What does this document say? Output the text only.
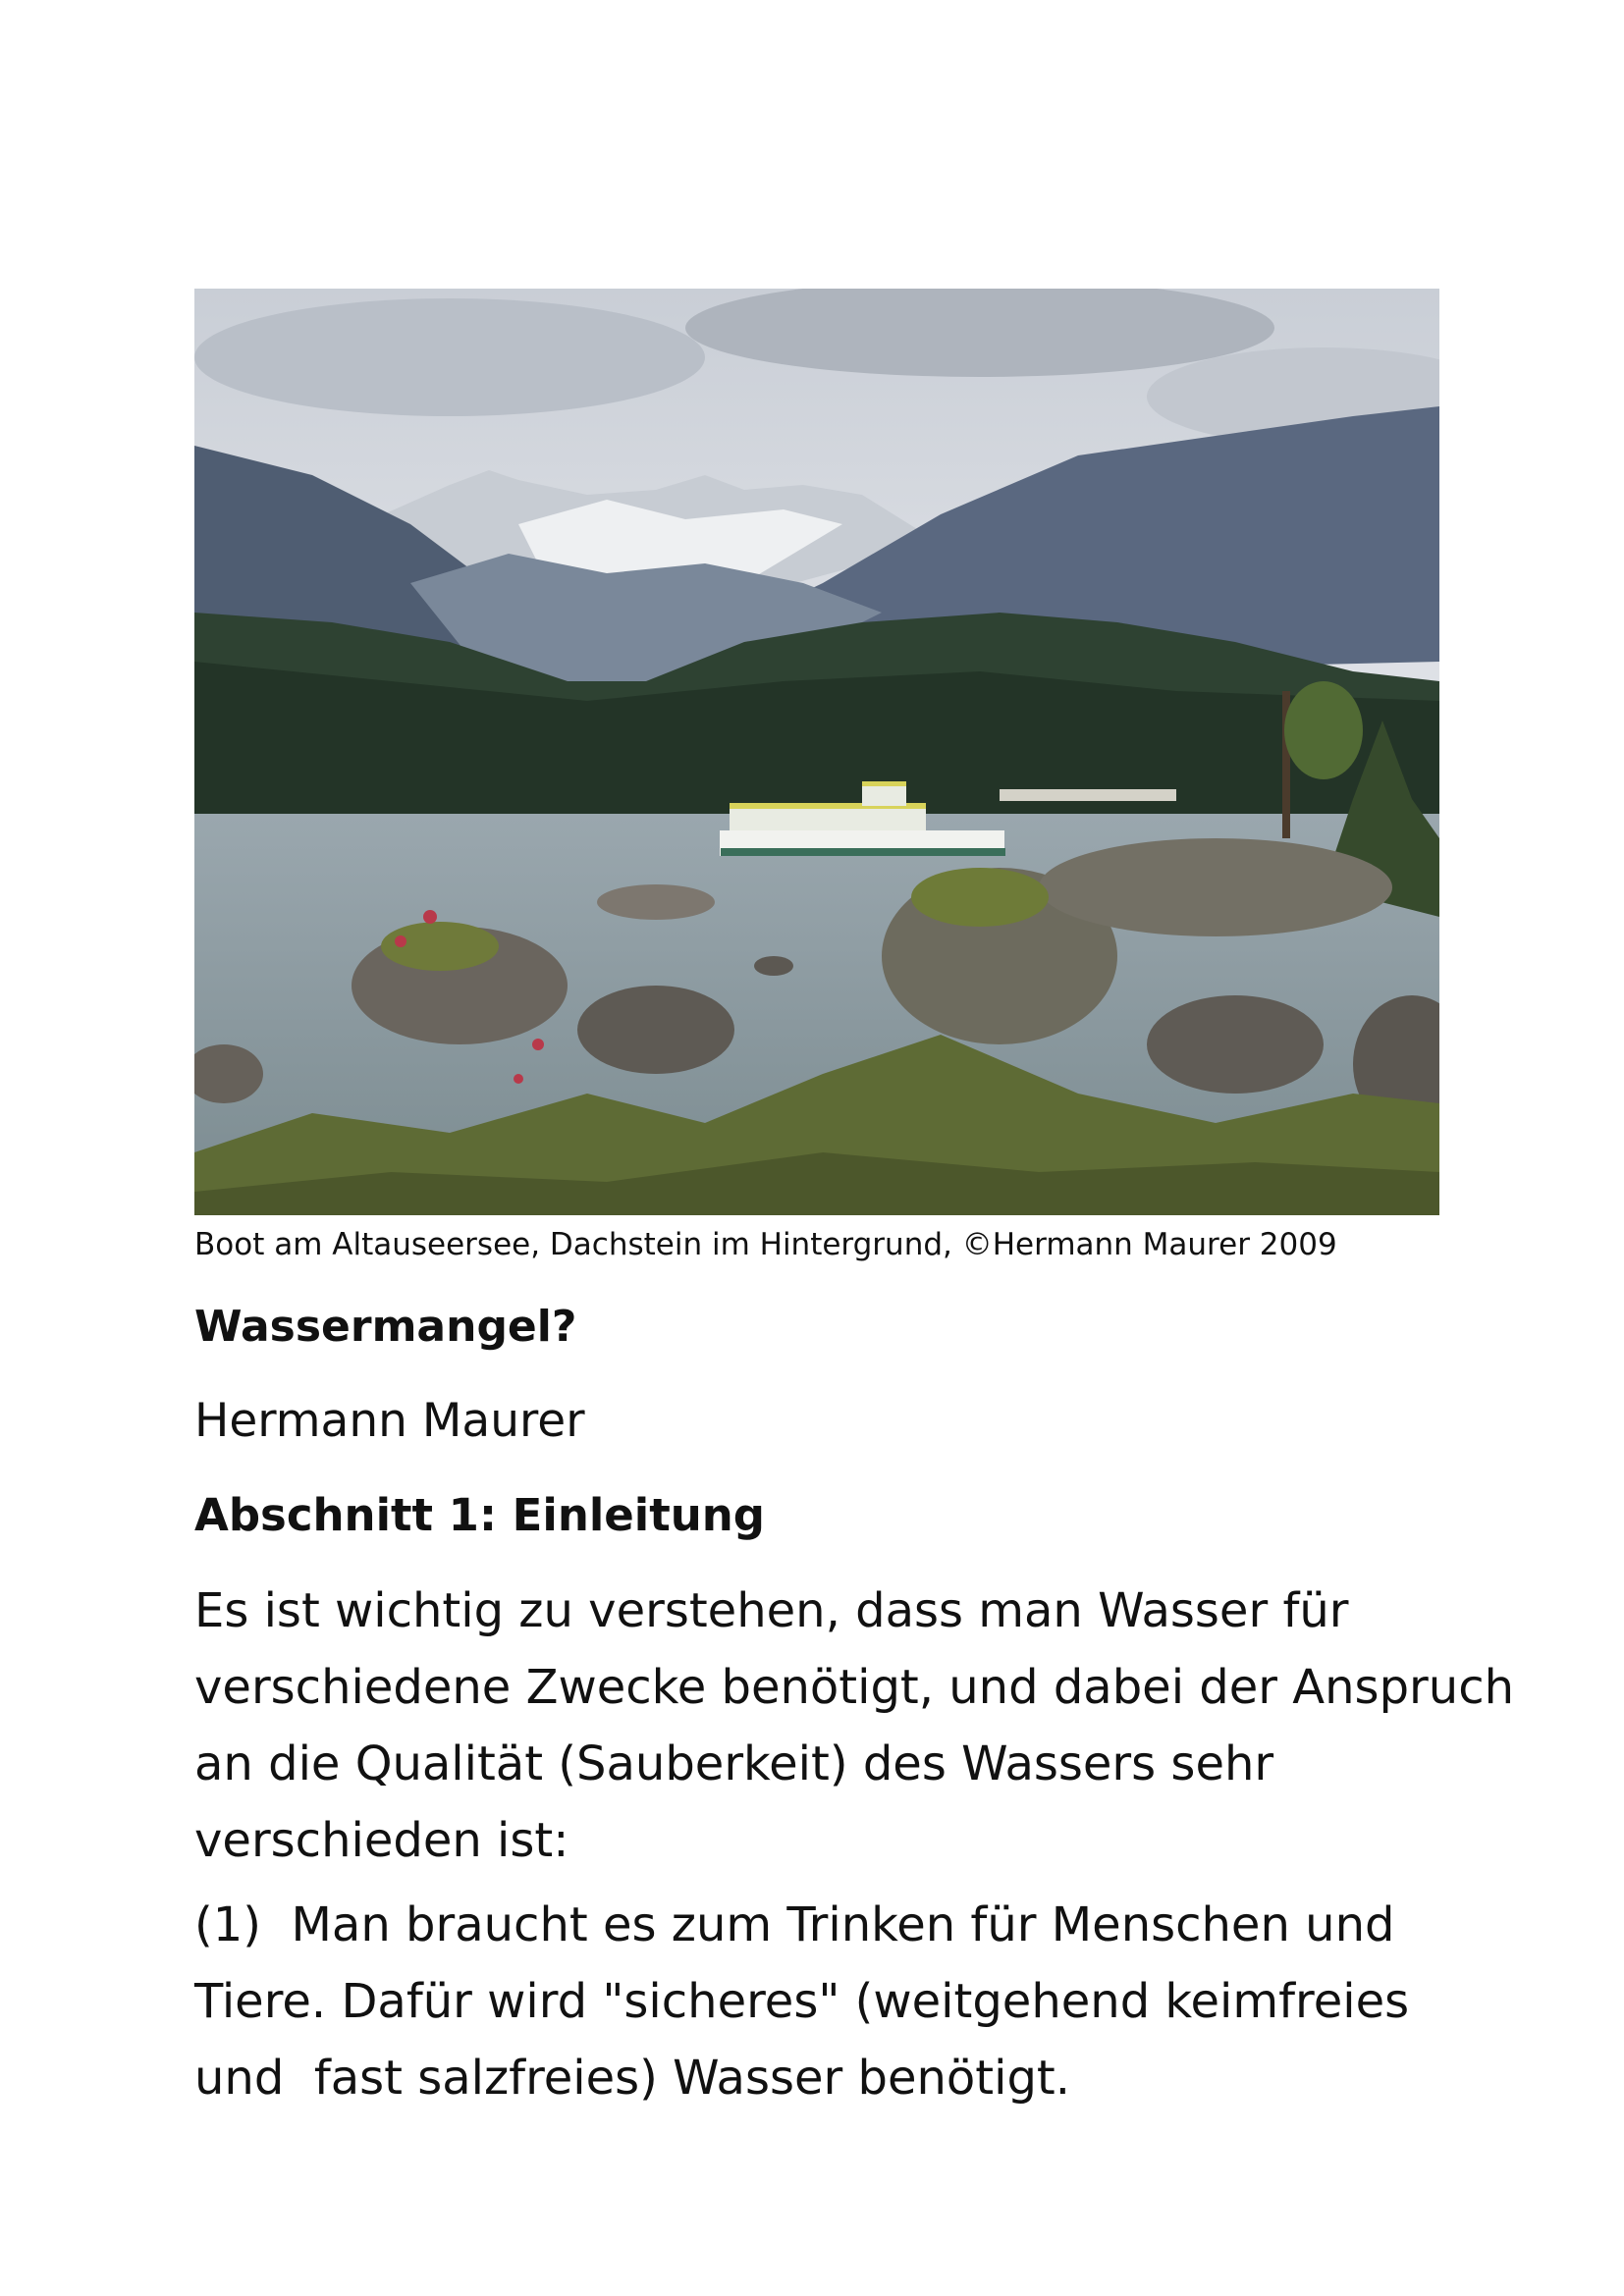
Boot am Altauseersee, Dachstein im Hintergrund, ©Hermann Maurer 2009
Wassermangel?
Hermann Maurer
Abschnitt 1: Einleitung

Es ist wichtig zu verstehen, dass man Wasser für
verschiedene Zwecke benötigt, und dabei der Anspruch
an die Qualität (Sauberkeit) des Wassers sehr
verschieden ist:

(1)  Man braucht es zum Trinken für Menschen und
Tiere. Dafür wird "sicheres" (weitgehend keimfreies
und  fast salzfreies) Wasser benötigt.
